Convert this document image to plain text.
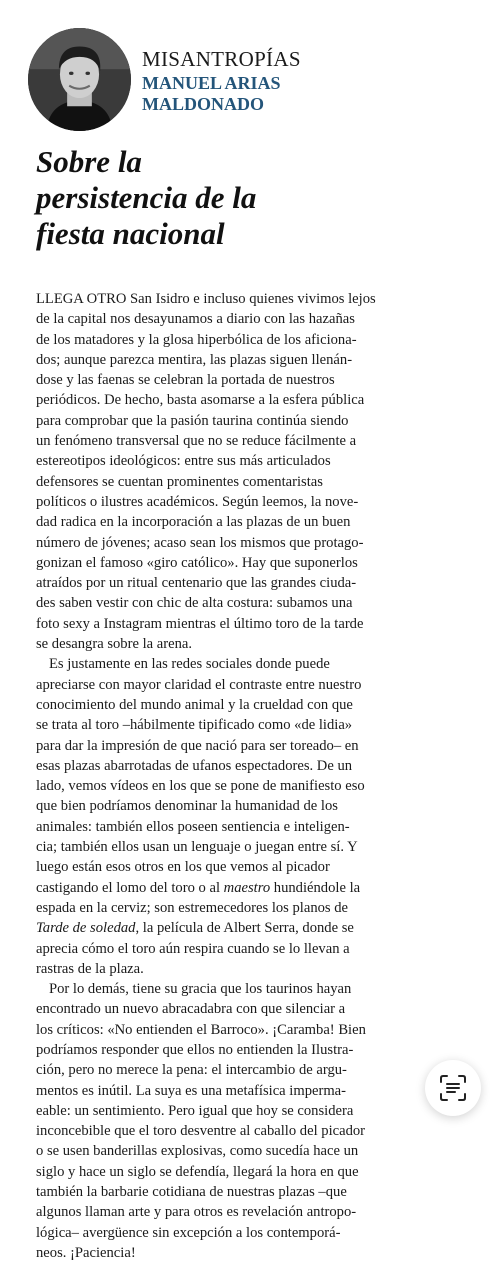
MISANTROPÍAS
MANUEL ARIAS
MALDONADO
Sobre la
persistencia de la
fiesta nacional

LLEGA OTRO San Isidro e incluso quienes vivimos lejos
de la capital nos desayunamos a diario con las hazañas
de los matadores y la glosa hiperbólica de los aficiona-
dos; aunque parezca mentira, las plazas siguen llenán-
dose y las faenas se celebran la portada de nuestros
periódicos. De hecho, basta asomarse a la esfera pública
para comprobar que la pasión taurina continúa siendo
un fenómeno transversal que no se reduce fácilmente a
estereotipos ideológicos: entre sus más articulados
defensores se cuentan prominentes comentaristas
políticos o ilustres académicos. Según leemos, la nove-
dad radica en la incorporación a las plazas de un buen
número de jóvenes; acaso sean los mismos que protago-
gonizan el famoso «giro católico». Hay que suponerlos
atraídos por un ritual centenario que las grandes ciuda-
des saben vestir con chic de alta costura: subamos una
foto sexy a Instagram mientras el último toro de la tarde
se desangra sobre la arena.

Es justamente en las redes sociales donde puede
apreciarse con mayor claridad el contraste entre nuestro
conocimiento del mundo animal y la crueldad con que
se trata al toro –hábilmente tipificado como «de lidia»
para dar la impresión de que nació para ser toreado– en
esas plazas abarrotadas de ufanos espectadores. De un
lado, vemos vídeos en los que se pone de manifiesto eso
que bien podríamos denominar la humanidad de los
animales: también ellos poseen sentiencia e inteligen-
cia; también ellos usan un lenguaje o juegan entre sí. Y
luego están esos otros en los que vemos al picador
castigando el lomo del toro o al maestro hundiéndole la
espada en la cerviz; son estremecedores los planos de
Tarde de soledad, la película de Albert Serra, donde se
aprecia cómo el toro aún respira cuando se lo llevan a
rastras de la plaza.

Por lo demás, tiene su gracia que los taurinos hayan
encontrado un nuevo abracadabra con que silenciar a
los críticos: «No entienden el Barroco». ¡Caramba! Bien
podríamos responder que ellos no entienden la Ilustra-
ción, pero no merece la pena: el intercambio de argu-
mentos es inútil. La suya es una metafísica imperma-
eable: un sentimiento. Pero igual que hoy se considera
inconcebible que el toro desventre al caballo del picador
o se usen banderillas explosivas, como sucedía hace un
siglo y hace un siglo se defendía, llegará la hora en que
también la barbarie cotidiana de nuestras plazas –que
algunos llaman arte y para otros es revelación antropo-
lógica– avergüence sin excepción a los contemporá-
neos. ¡Paciencia!
